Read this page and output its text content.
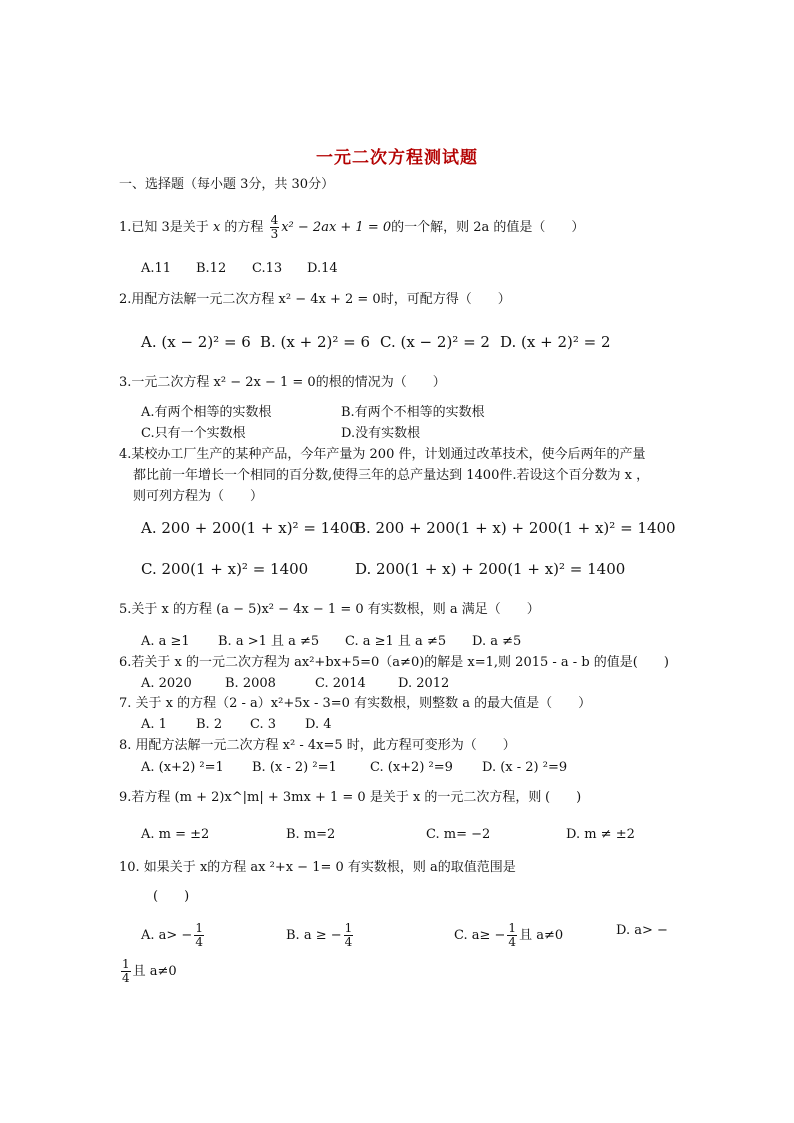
一元二次方程测试题
一、选择题（每小题 3分，共 30分）
1.已知 3是关于 x 的方程 $\frac{4}{3} x^2 - 2ax + 1 = 0$的一个解，则 2a 的值是（　　）
A.11 B.12 C.13 D.14
2.用配方法解一元二次方程 x² − 4x + 2 = 0时，可配方得（　　）
A. (x − 2)² = 6 B. (x + 2)² = 6 C. (x − 2)² = 2 D. (x + 2)² = 2
3.一元二次方程 x² − 2x − 1 = 0的根的情况为（　　）
A.有两个相等的实数根	B.有两个不相等的实数根
C.只有一个实数根	D.没有实数根
4.某校办工厂生产的某种产品，今年产量为 200 件，计划通过改革技术，使今后两年的产量
都比前一年增长一个相同的百分数,使得三年的总产量达到 1400件.若设这个百分数为 x ，
则可列方程为（　　）
A. 200 + 200(1 + x)² = 1400
B. 200 + 200(1 + x) + 200(1 + x)² = 1400
C. 200(1 + x)² = 1400	D. 200(1 + x) + 200(1 + x)² = 1400
5.关于 x 的方程 (a − 5)x² − 4x − 1 = 0 有实数根，则 a 满足（　　）
A. a ≥1 B. a >1 且 a ≠5 C. a ≥1 且 a ≠5 D. a ≠5
6.若关于 x 的一元二次方程为 ax²+bx+5=0（a≠0)的解是 x=1,则 2015 - a - b 的值是(　　)
A. 2020	B. 2008	C. 2014 D. 2012
7. 关于 x 的方程（2 - a）x²+5x - 3=0 有实数根，则整数 a 的最大值是（　　）
A. 1 B. 2 C. 3 D. 4
8. 用配方法解一元二次方程 x² - 4x=5 时，此方程可变形为（　　）
A. (x+2) ²=1 B. (x - 2) ²=1	C. (x+2) ²=9 D. (x - 2) ²=9
9.若方程 (m + 2)x^|m| + 3mx + 1 = 0 是关于 x 的一元二次方程，则 (　　)
A. m = ±2	B. m=2	C. m= −2	D. m ≠ ±2
10. 如果关于 x的方程 ax ²+x − 1= 0 有实数根，则 a的取值范围是
(　　)
A. $a> - \frac{1}{4}$	B. a ≥ − $\frac{1}{4}$	C. $a\ge - \frac{1}{4}$ 且 a≠0	D. a> −
$\frac{1}{4}$ 且 a≠0
